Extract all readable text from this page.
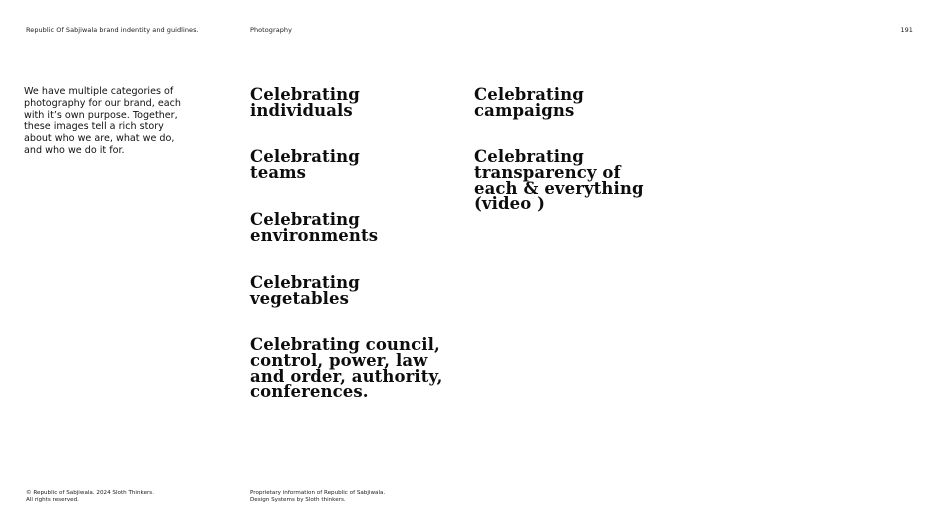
Republic Of Sabjiwala brand indentity and guidlines.	Photography	191

We have multiple categories of photography for our brand, each with it’s own purpose. Together, these images tell a rich story about who we are, what we do, and who we do it for.

Celebrating
individuals
Celebrating
teams
Celebrating
environments
Celebrating
vegetables
Celebrating council,
control, power, law
and order, authority,
conferences.
Celebrating
campaigns
Celebrating
transparency of
each & everything
(video )
© Republic of Sabjiwala. 2024 Sloth Thinkers.
All rights reserved.
Proprietary information of Republic of Sabjiwala.
Design Systems by Sloth thinkers.
